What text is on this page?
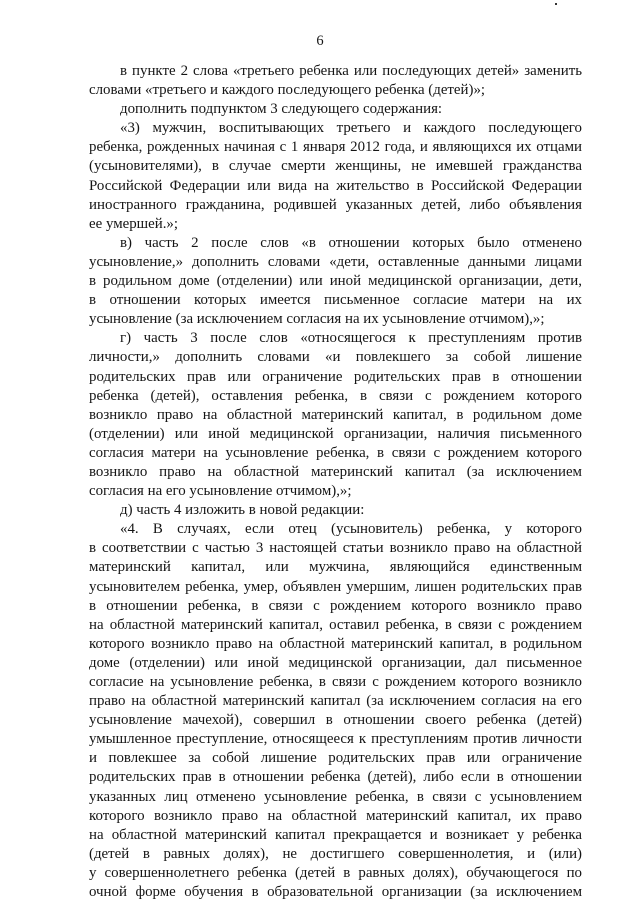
6
в пункте 2 слова «третьего ребенка или последующих детей» заменить
словами «третьего и каждого последующего ребенка (детей)»;
дополнить подпунктом 3 следующего содержания:
«3) мужчин, воспитывающих третьего и каждого последующего
ребенка, рожденных начиная с 1 января 2012 года, и являющихся их отцами
(усыновителями), в случае смерти женщины, не имевшей гражданства
Российской Федерации или вида на жительство в Российской Федерации
иностранного гражданина, родившей указанных детей, либо объявления
ее умершей.»;
в) часть 2 после слов «в отношении которых было отменено
усыновление,» дополнить словами «дети, оставленные данными лицами
в родильном доме (отделении) или иной медицинской организации, дети,
в отношении которых имеется письменное согласие матери на их
усыновление (за исключением согласия на их усыновление отчимом),»;
г) часть 3 после слов «относящегося к преступлениям против
личности,» дополнить словами «и повлекшего за собой лишение
родительских прав или ограничение родительских прав в отношении
ребенка (детей), оставления ребенка, в связи с рождением которого
возникло право на областной материнский капитал, в родильном доме
(отделении) или иной медицинской организации, наличия письменного
согласия матери на усыновление ребенка, в связи с рождением которого
возникло право на областной материнский капитал (за исключением
согласия на его усыновление отчимом),»;
д) часть 4 изложить в новой редакции:
«4. В случаях, если отец (усыновитель) ребенка, у которого
в соответствии с частью 3 настоящей статьи возникло право на областной
материнский капитал, или мужчина, являющийся единственным
усыновителем ребенка, умер, объявлен умершим, лишен родительских прав
в отношении ребенка, в связи с рождением которого возникло право
на областной материнский капитал, оставил ребенка, в связи с рождением
которого возникло право на областной материнский капитал, в родильном
доме (отделении) или иной медицинской организации, дал письменное
согласие на усыновление ребенка, в связи с рождением которого возникло
право на областной материнский капитал (за исключением согласия на его
усыновление мачехой), совершил в отношении своего ребенка (детей)
умышленное преступление, относящееся к преступлениям против личности
и повлекшее за собой лишение родительских прав или ограничение
родительских прав в отношении ребенка (детей), либо если в отношении
указанных лиц отменено усыновление ребенка, в связи с усыновлением
которого возникло право на областной материнский капитал, их право
на областной материнский капитал прекращается и возникает у ребенка
(детей в равных долях), не достигшего совершеннолетия, и (или)
у совершеннолетнего ребенка (детей в равных долях), обучающегося по
очной форме обучения в образовательной организации (за исключением
